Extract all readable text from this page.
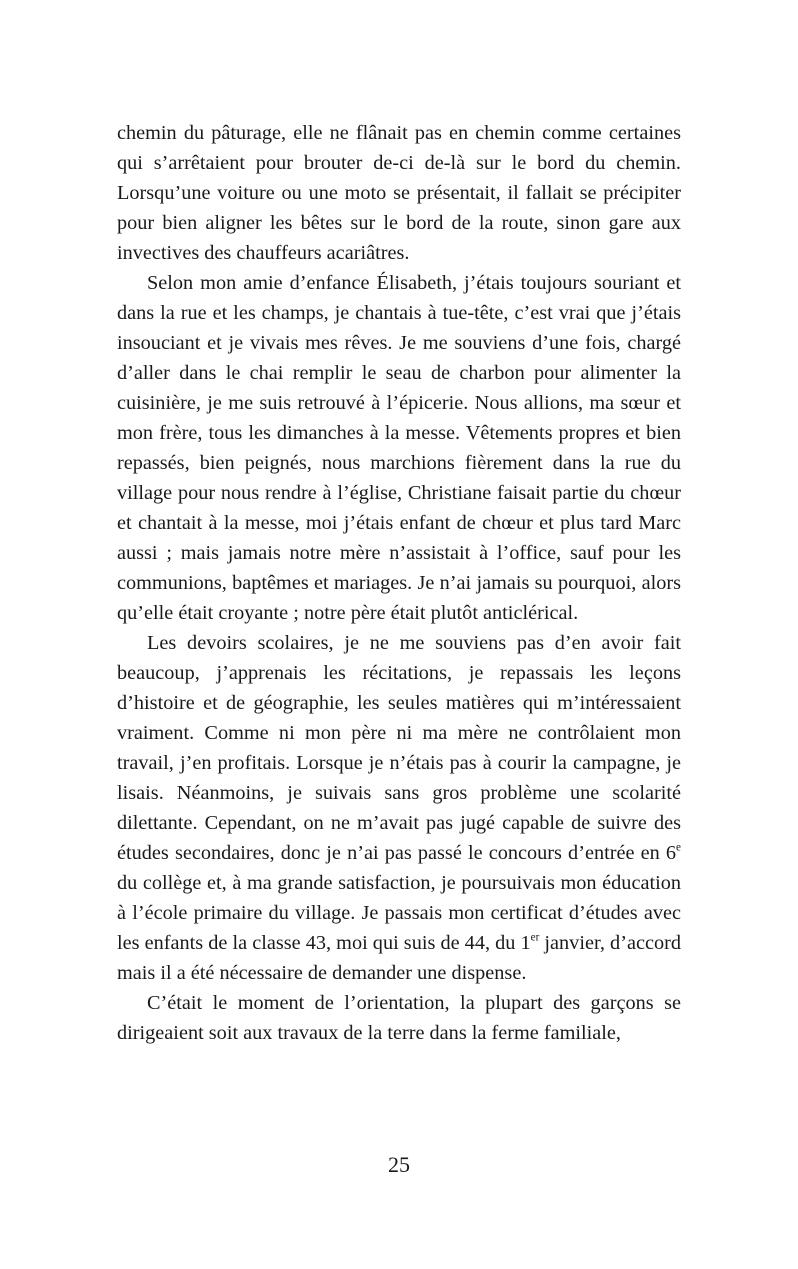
chemin du pâturage, elle ne flânait pas en chemin comme certaines qui s’arrêtaient pour brouter de-ci de-là sur le bord du chemin. Lorsqu’une voiture ou une moto se présentait, il fallait se précipiter pour bien aligner les bêtes sur le bord de la route, sinon gare aux invectives des chauffeurs acariâtres.

Selon mon amie d’enfance Élisabeth, j’étais toujours souriant et dans la rue et les champs, je chantais à tue-tête, c’est vrai que j’étais insouciant et je vivais mes rêves. Je me souviens d’une fois, chargé d’aller dans le chai remplir le seau de charbon pour alimenter la cuisinière, je me suis retrouvé à l’épicerie. Nous allions, ma sœur et mon frère, tous les dimanches à la messe. Vêtements propres et bien repassés, bien peignés, nous marchions fièrement dans la rue du village pour nous rendre à l’église, Christiane faisait partie du chœur et chantait à la messe, moi j’étais enfant de chœur et plus tard Marc aussi ; mais jamais notre mère n’assistait à l’office, sauf pour les communions, baptêmes et mariages. Je n’ai jamais su pourquoi, alors qu’elle était croyante ; notre père était plutôt anticlérical.

Les devoirs scolaires, je ne me souviens pas d’en avoir fait beaucoup, j’apprenais les récitations, je repassais les leçons d’histoire et de géographie, les seules matières qui m’intéressaient vraiment. Comme ni mon père ni ma mère ne contrôlaient mon travail, j’en profitais. Lorsque je n’étais pas à courir la campagne, je lisais. Néanmoins, je suivais sans gros problème une scolarité dilettante. Cependant, on ne m’avait pas jugé capable de suivre des études secondaires, donc je n’ai pas passé le concours d’entrée en 6e du collège et, à ma grande satisfaction, je poursuivais mon éducation à l’école primaire du village. Je passais mon certificat d’études avec les enfants de la classe 43, moi qui suis de 44, du 1er janvier, d’accord mais il a été nécessaire de demander une dispense.

C’était le moment de l’orientation, la plupart des garçons se dirigeaient soit aux travaux de la terre dans la ferme familiale,

25
